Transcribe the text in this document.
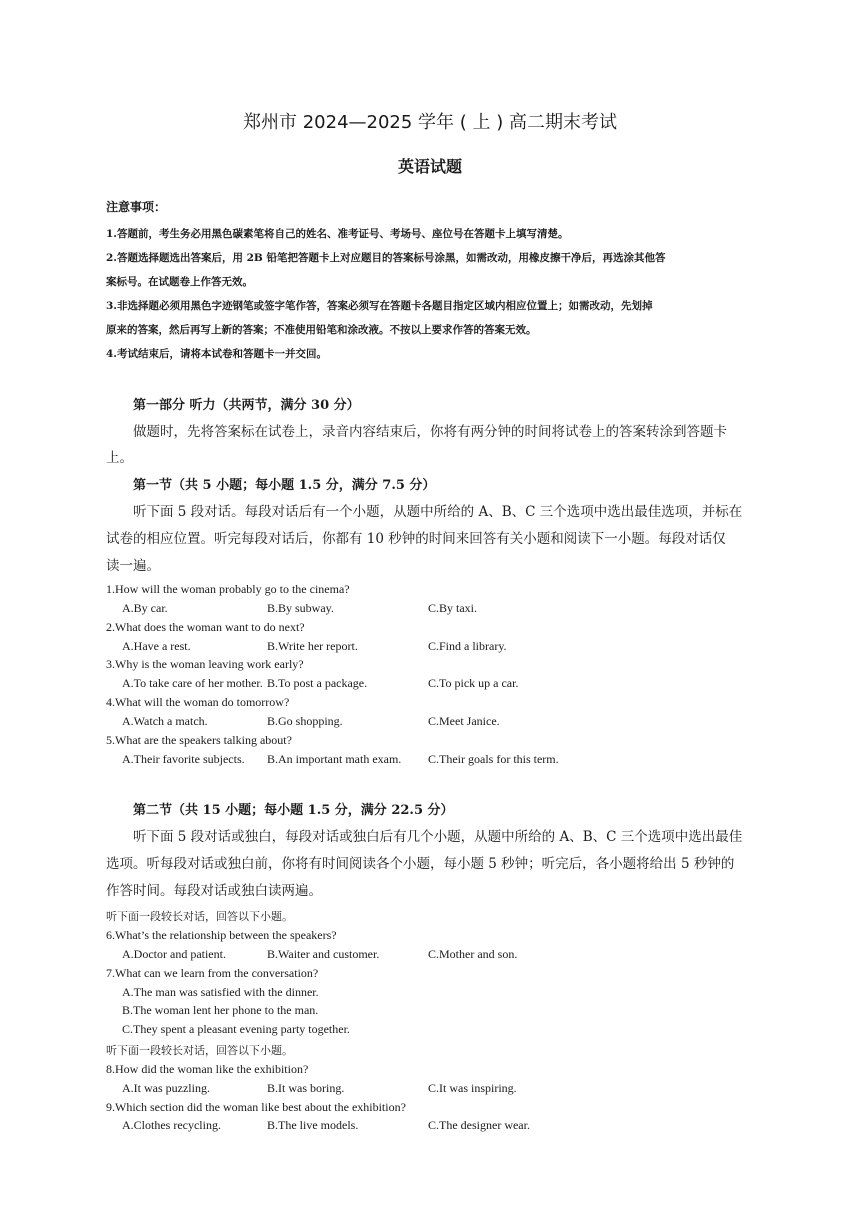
郑州市 2024—2025 学年 ( 上 ) 高二期末考试
英语试题
注意事项：
1.答题前，考生务必用黑色碳素笔将自己的姓名、准考证号、考场号、座位号在答题卡上填写清楚。
2.答题选择题选出答案后，用 2B 铅笔把答题卡上对应题目的答案标号涂黑，如需改动，用橡皮擦干净后，再选涂其他答
案标号。在试题卷上作答无效。
3.非选择题必须用黑色字迹钢笔或签字笔作答，答案必须写在答题卡各题目指定区域内相应位置上；如需改动，先划掉
原来的答案，然后再写上新的答案；不准使用铅笔和涂改液。不按以上要求作答的答案无效。
4.考试结束后，请将本试卷和答题卡一并交回。
第一部分 听力（共两节，满分 30 分）
做题时，先将答案标在试卷上，录音内容结束后，你将有两分钟的时间将试卷上的答案转涂到答题卡
上。
第一节（共 5 小题；每小题 1.5 分，满分 7.5 分）
听下面 5 段对话。每段对话后有一个小题，从题中所给的 A、B、C 三个选项中选出最佳选项，并标在
试卷的相应位置。听完每段对话后，你都有 10 秒钟的时间来回答有关小题和阅读下一小题。每段对话仅
读一遍。
1.How will the woman probably go to the cinema?
A.By car.	B.By subway.	C.By taxi.
2.What does the woman want to do next?
A.Have a rest.	B.Write her report.	C.Find a library.
3.Why is the woman leaving work early?
A.To take care of her mother. B.To post a package.	C.To pick up a car.
4.What will the woman do tomorrow?
A.Watch a match.	B.Go shopping.	C.Meet Janice.
5.What are the speakers talking about?
A.Their favorite subjects. B.An important math exam. C.Their goals for this term.
第二节（共 15 小题；每小题 1.5 分，满分 22.5 分）
听下面 5 段对话或独白，每段对话或独白后有几个小题，从题中所给的 A、B、C 三个选项中选出最佳
选项。听每段对话或独白前，你将有时间阅读各个小题，每小题 5 秒钟；听完后，各小题将给出 5 秒钟的
作答时间。每段对话或独白读两遍。
听下面一段较长对话，回答以下小题。
6.What’s the relationship between the speakers?
A.Doctor and patient.	B.Waiter and customer.	C.Mother and son.
7.What can we learn from the conversation?
A.The man was satisfied with the dinner.
B.The woman lent her phone to the man.
C.They spent a pleasant evening party together.
听下面一段较长对话，回答以下小题。
8.How did the woman like the exhibition?
A.It was puzzling.	B.It was boring.	C.It was inspiring.
9.Which section did the woman like best about the exhibition?
A.Clothes recycling.	B.The live models.	C.The designer wear.
